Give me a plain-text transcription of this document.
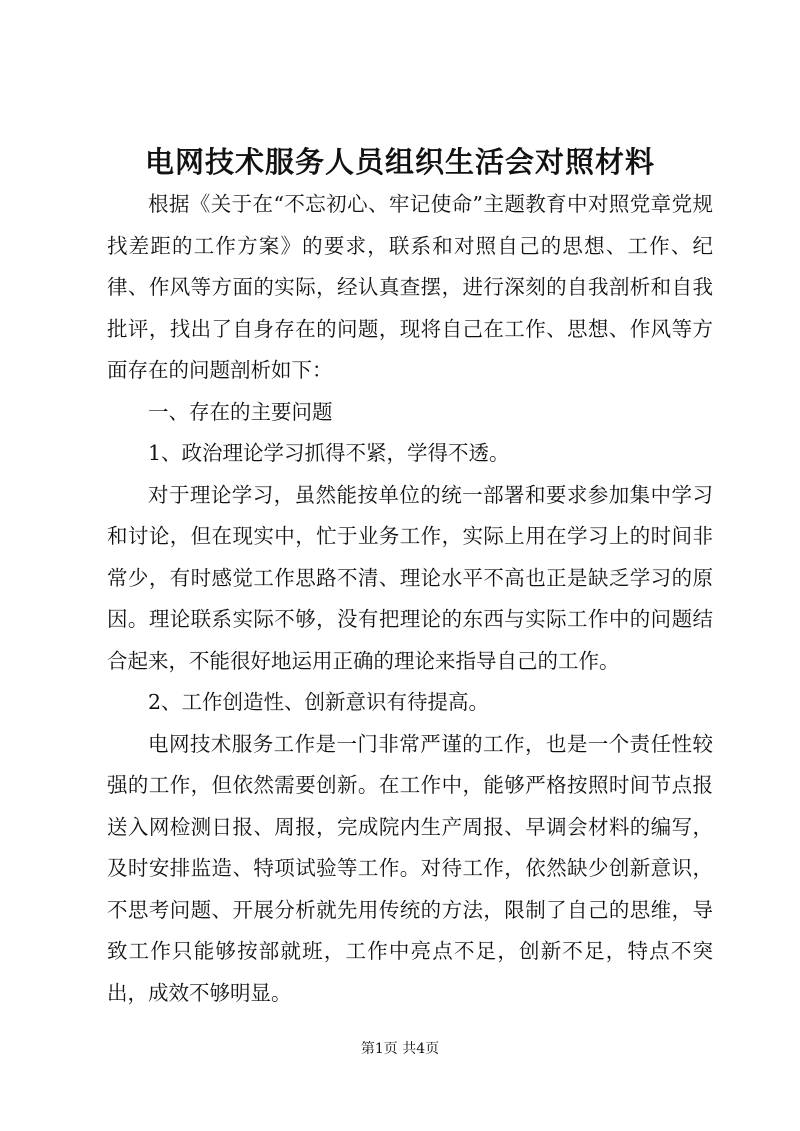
电网技术服务人员组织生活会对照材料

根据《关于在“不忘初心、牢记使命”主题教育中对照党章党规找差距的工作方案》的要求，联系和对照自己的思想、工作、纪律、作风等方面的实际，经认真查摆，进行深刻的自我剖析和自我批评，找出了自身存在的问题，现将自己在工作、思想、作风等方面存在的问题剖析如下：

一、存在的主要问题

1、政治理论学习抓得不紧，学得不透。

对于理论学习，虽然能按单位的统一部署和要求参加集中学习和讨论，但在现实中，忙于业务工作，实际上用在学习上的时间非常少，有时感觉工作思路不清、理论水平不高也正是缺乏学习的原因。理论联系实际不够，没有把理论的东西与实际工作中的问题结合起来，不能很好地运用正确的理论来指导自己的工作。

2、工作创造性、创新意识有待提高。

电网技术服务工作是一门非常严谨的工作，也是一个责任性较强的工作，但依然需要创新。在工作中，能够严格按照时间节点报送入网检测日报、周报，完成院内生产周报、早调会材料的编写，及时安排监造、特项试验等工作。对待工作，依然缺少创新意识，不思考问题、开展分析就先用传统的方法，限制了自己的思维，导致工作只能够按部就班，工作中亮点不足，创新不足，特点不突出，成效不够明显。

第1页 共4页
